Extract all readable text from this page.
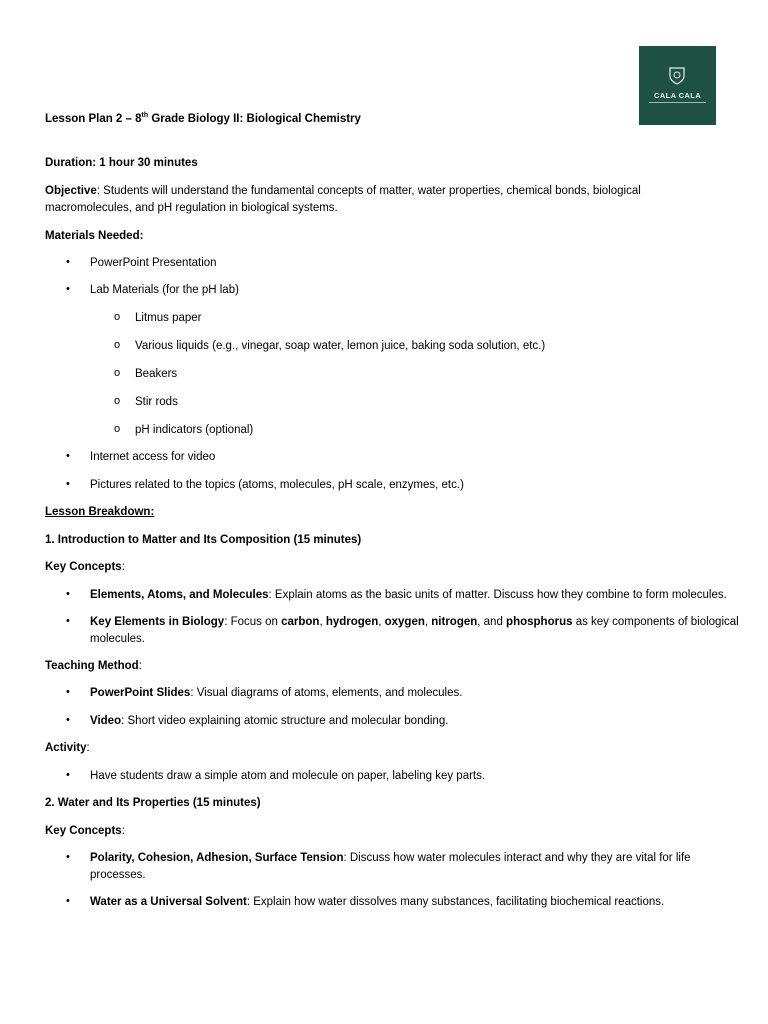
CALA CALA
Lesson Plan 2 – 8th Grade Biology II: Biological Chemistry
Duration: 1 hour 30 minutes
Objective: Students will understand the fundamental concepts of matter, water properties, chemical bonds, biological
macromolecules, and pH regulation in biological systems.
Materials Needed:
• PowerPoint Presentation
• Lab Materials (for the pH lab)
o Litmus paper
o Various liquids (e.g., vinegar, soap water, lemon juice, baking soda solution, etc.)
o Beakers
o Stir rods
o pH indicators (optional)
• Internet access for video
• Pictures related to the topics (atoms, molecules, pH scale, enzymes, etc.)
Lesson Breakdown:
1. Introduction to Matter and Its Composition (15 minutes)
Key Concepts:
• Elements, Atoms, and Molecules: Explain atoms as the basic units of matter. Discuss how they combine to form molecules.
• Key Elements in Biology: Focus on carbon, hydrogen, oxygen, nitrogen, and phosphorus as key components of biological
molecules.
Teaching Method:
• PowerPoint Slides: Visual diagrams of atoms, elements, and molecules.
• Video: Short video explaining atomic structure and molecular bonding.
Activity:
• Have students draw a simple atom and molecule on paper, labeling key parts.
2. Water and Its Properties (15 minutes)
Key Concepts:
• Polarity, Cohesion, Adhesion, Surface Tension: Discuss how water molecules interact and why they are vital for life
processes.
• Water as a Universal Solvent: Explain how water dissolves many substances, facilitating biochemical reactions.
